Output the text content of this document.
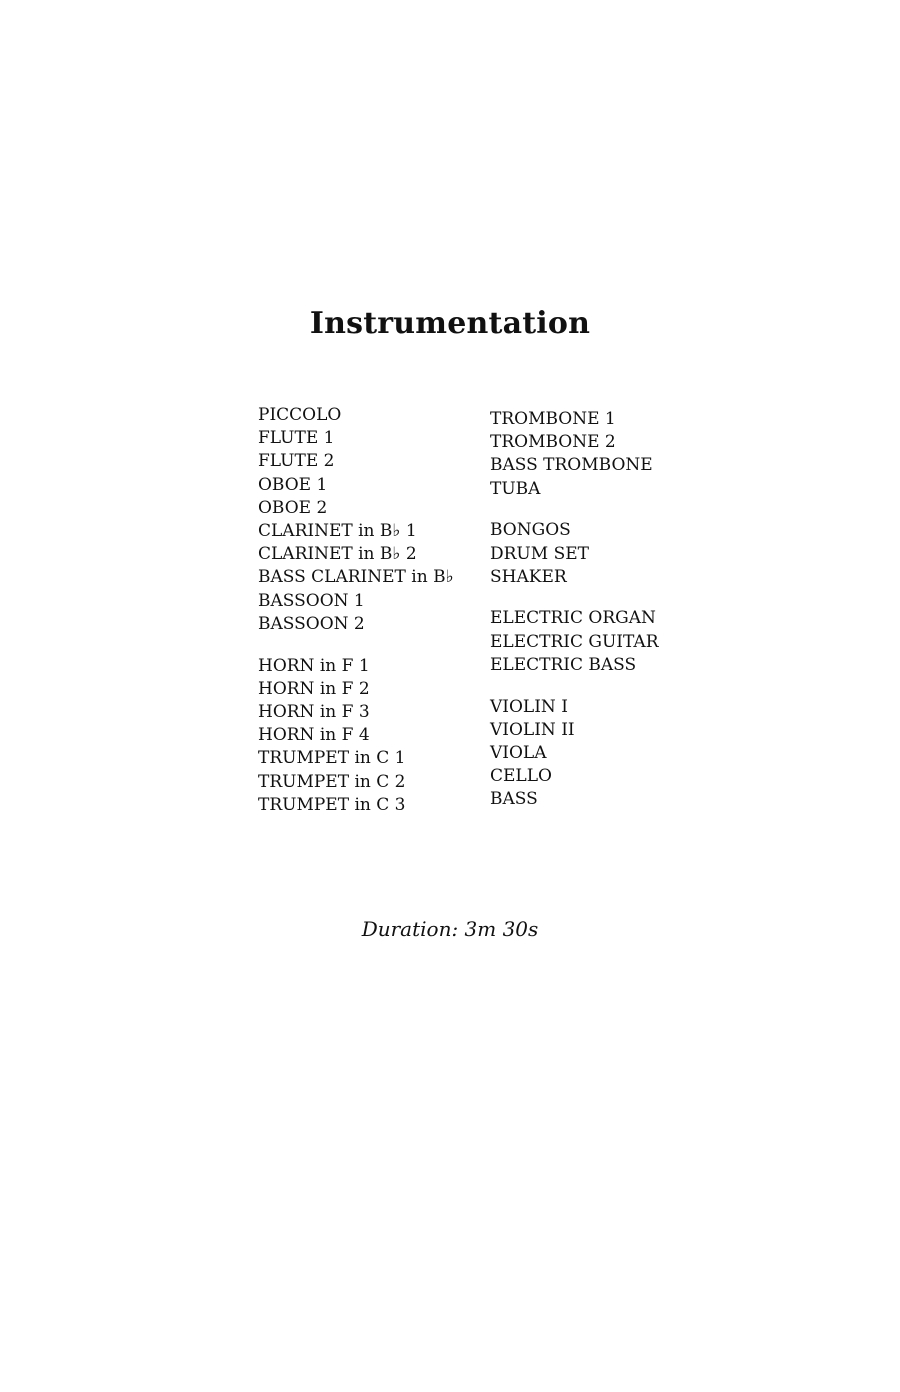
Instrumentation
PICCOLO
FLUTE 1
FLUTE 2
OBOE 1
OBOE 2
CLARINET in B♭ 1
CLARINET in B♭ 2
BASS CLARINET in B♭
BASSOON 1
BASSOON 2
HORN in F 1
HORN in F 2
HORN in F 3
HORN in F 4
TRUMPET in C 1
TRUMPET in C 2
TRUMPET in C 3
TROMBONE 1
TROMBONE 2
BASS TROMBONE
TUBA
BONGOS
DRUM SET
SHAKER
ELECTRIC ORGAN
ELECTRIC GUITAR
ELECTRIC BASS
VIOLIN I
VIOLIN II
VIOLA
CELLO
BASS
Duration: 3m 30s
